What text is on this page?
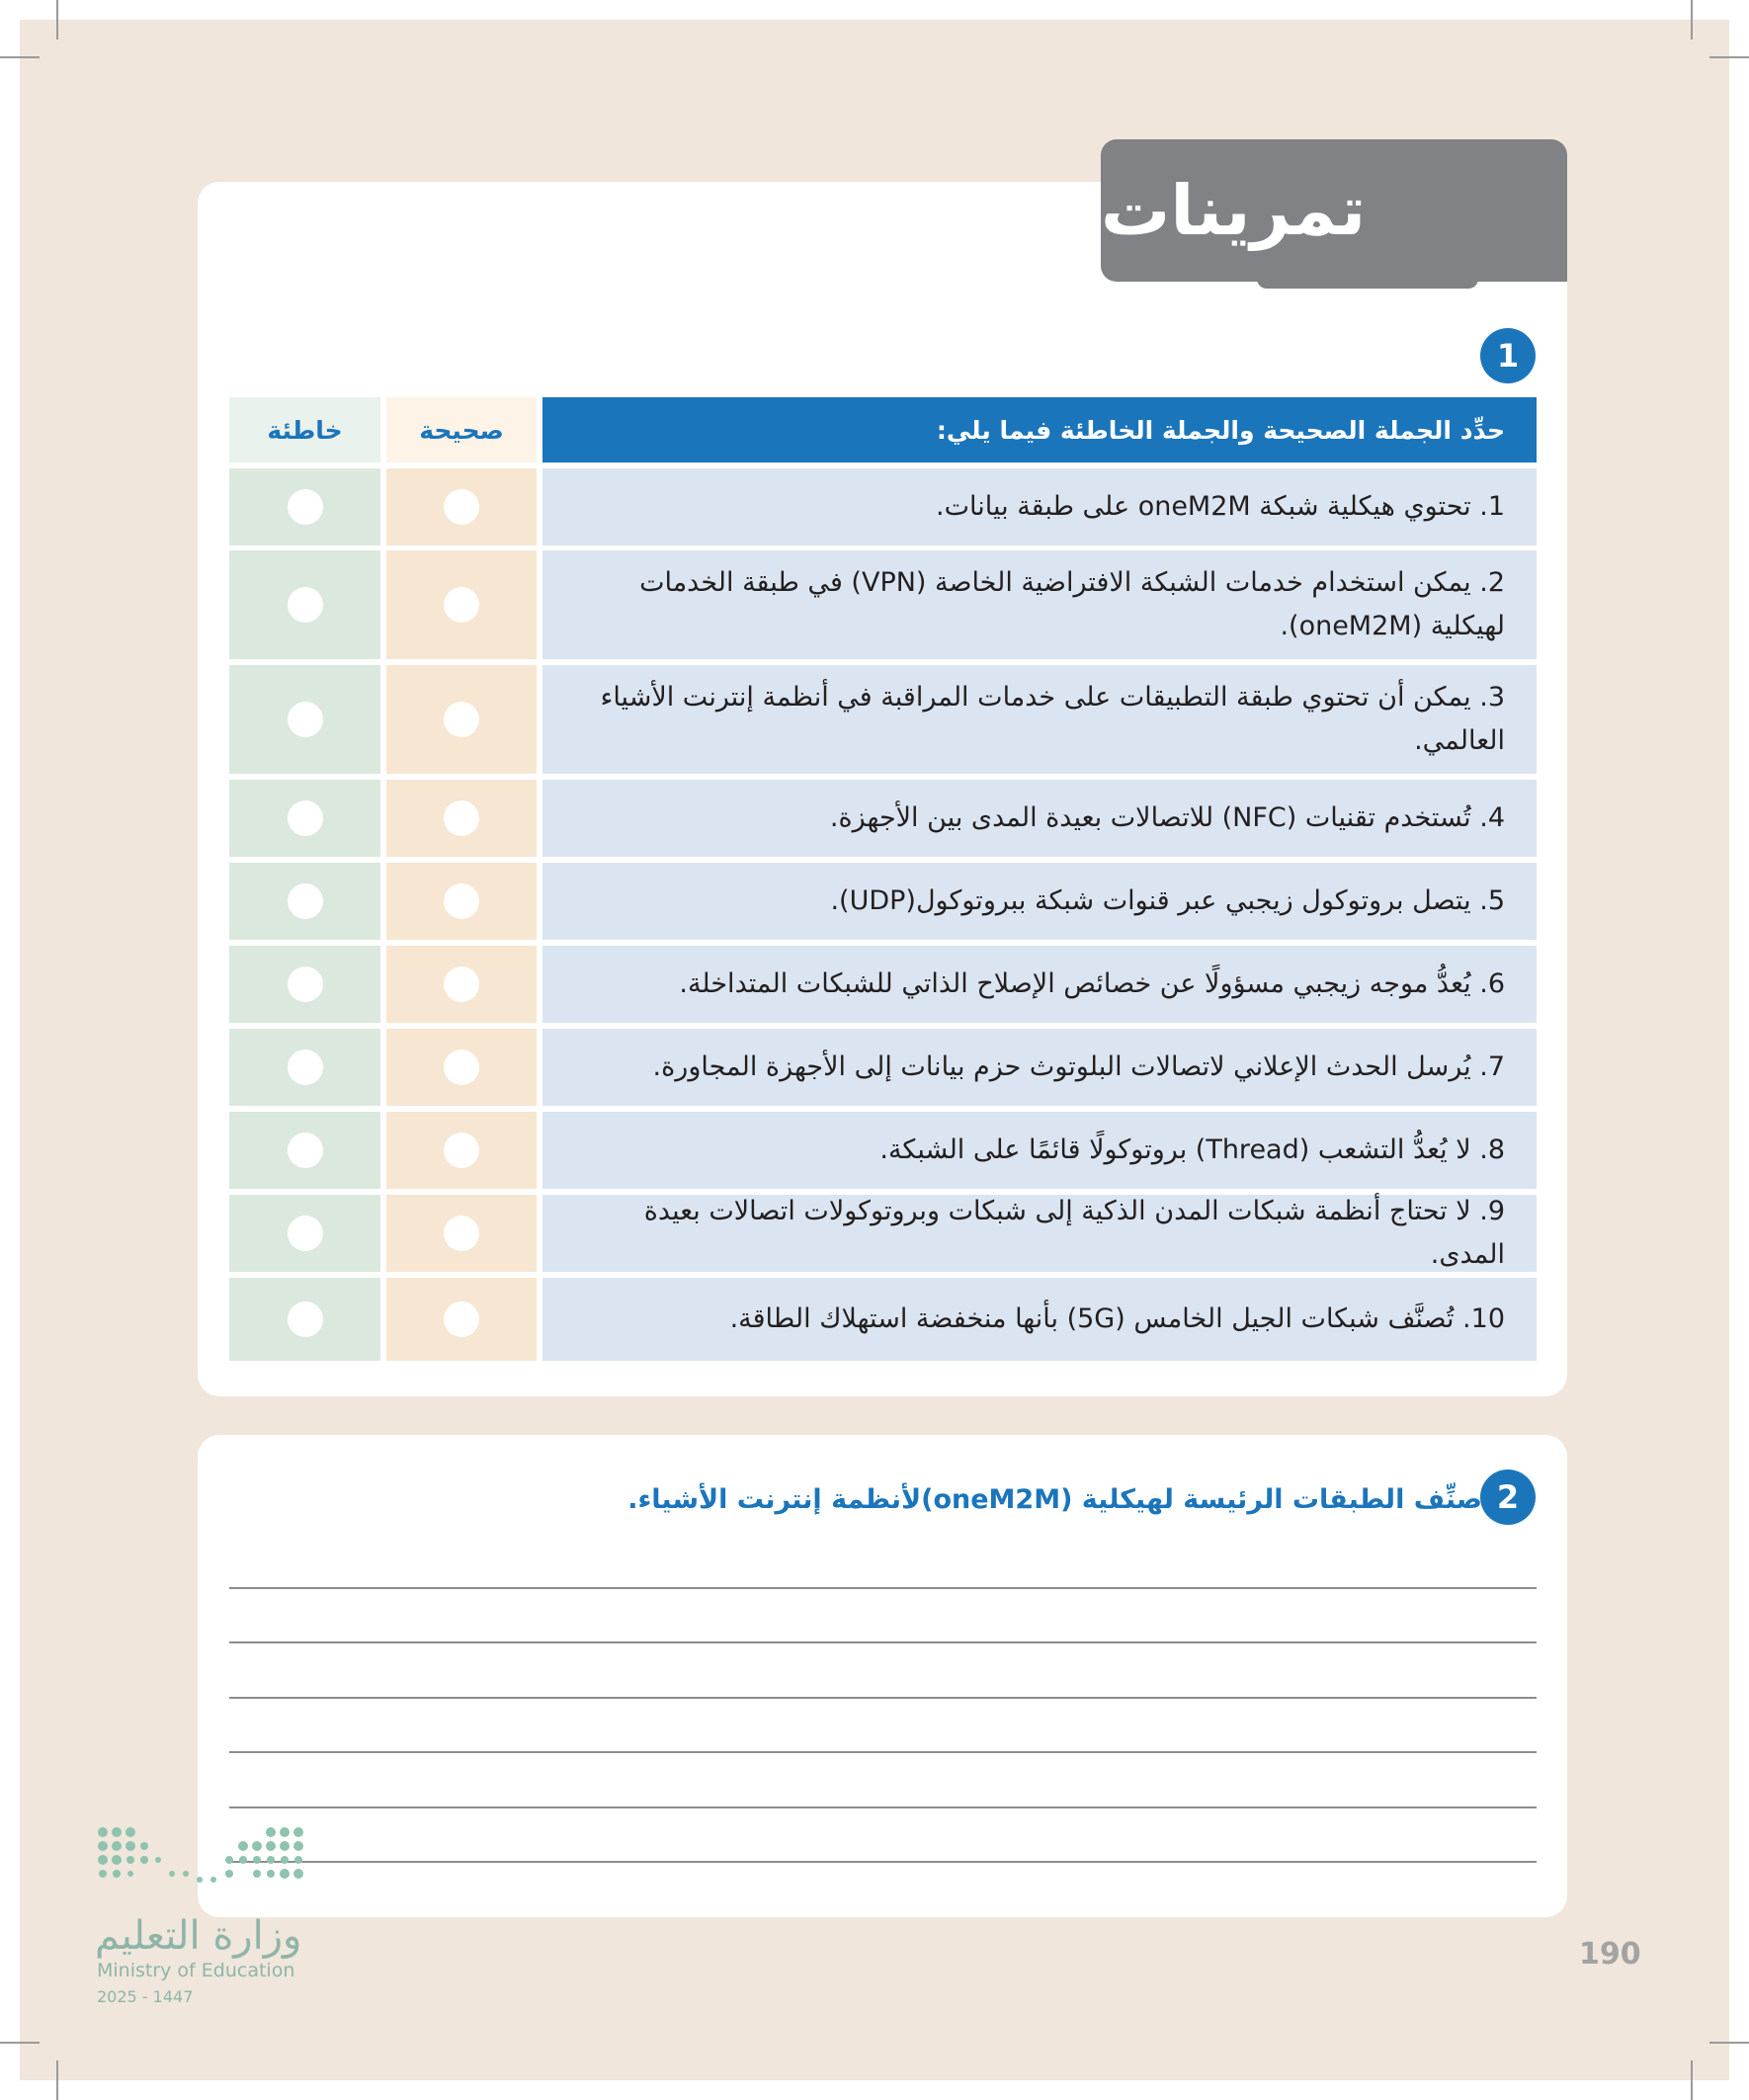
تمرينات
1
حدِّد الجملة الصحيحة والجملة الخاطئة فيما يلي:
صحيحة
خاطئة
1. تحتوي هيكلية شبكة oneM2M على طبقة بيانات.
2. يمكن استخدام خدمات الشبكة الافتراضية الخاصة (VPN) في طبقة الخدمات لهيكلية (oneM2M).
3. يمكن أن تحتوي طبقة التطبيقات على خدمات المراقبة في أنظمة إنترنت الأشياء العالمي.
4. تُستخدم تقنيات (NFC) للاتصالات بعيدة المدى بين الأجهزة.
5. يتصل بروتوكول زيجبي عبر قنوات شبكة ببروتوكول(UDP).
6. يُعدُّ موجه زيجبي مسؤولًا عن خصائص الإصلاح الذاتي للشبكات المتداخلة.
7. يُرسل الحدث الإعلاني لاتصالات البلوتوث حزم بيانات إلى الأجهزة المجاورة.
8. لا يُعدُّ التشعب (Thread) بروتوكولًا قائمًا على الشبكة.
9. لا تحتاج أنظمة شبكات المدن الذكية إلى شبكات وبروتوكولات اتصالات بعيدة المدى.
10. تُصنَّف شبكات الجيل الخامس (5G) بأنها منخفضة استهلاك الطاقة.
2
صنِّف الطبقات الرئيسة لهيكلية (oneM2M)لأنظمة إنترنت الأشياء.
وزارة التعليم
Ministry of Education
2025 - 1447
190
